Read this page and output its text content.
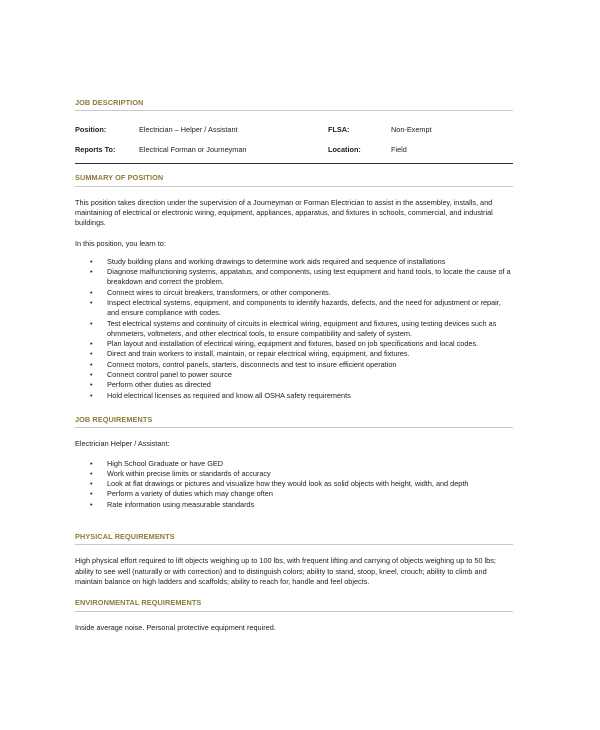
JOB DESCRIPTION
Position:	Electrician – Helper / Assistant	FLSA:	Non-Exempt
Reports To:	Electrical Forman or Journeyman	Location:	Field
SUMMARY OF POSITION
This position takes direction under the supervision of a Journeyman or Forman Electrician to assist in the assembley, installs, and maintaining of electrical or electronic wiring, equipment, appliances, apparatus, and fixtures in schools, commercial, and industrial buildings.
In this position, you learn to:
• Study building plans and working drawings to determine work aids required and sequence of installations
• Diagnose malfunctioning systems, appatatus, and components, using test equipment and hand tools, to locate the cause of a breakdown and correct the problem.
• Connect wires to circuit breakers, transformers, or other components.
• Inspect electrical systems, equipment, and components to identify hazards, defects, and the need for adjustment or repair, and ensure compliance with codes.
• Test electrical systems and continuity of circuits in electrical wiring, equipment and fixtures, using testing devices such as ohmmeters, voltmeters, and other electrical tools, to ensure compatibility and safety of system.
• Plan layout and installation of electrical wiring, equipment and fixtures, based on job specifications and local codes.
• Direct and train workers to install, maintain, or repair electrical wiring, equipment, and fixtures.
• Connect motors, control panels, starters, disconnects and test to insure efficient operation
• Connect control panel to power source
• Perform other duties as directed
• Hold electrical licenses as required and know all OSHA safety requirements
JOB REQUIREMENTS
Electrician Helper / Assistant:
• High School Graduate or have GED
• Work within precise limits or standards of accuracy
• Look at flat drawings or pictures and visualize how they would look as solid objects with height, width, and depth
• Perform a variety of duties which may change often
• Rate information using measurable standards
PHYSICAL REQUIREMENTS
High physical effort required to lift objects weighing up to 100 lbs, with frequent lifting and carrying of objects weighing up to 50 lbs; ability to see well (naturally or with correction) and to distinguish colors; ability to stand, stoop, kneel, crouch; ability to climb and maintain balance on high ladders and scaffolds; ability to reach for, handle and feel objects.
ENVIRONMENTAL REQUIREMENTS
Inside average noise. Personal protective equipment required.
